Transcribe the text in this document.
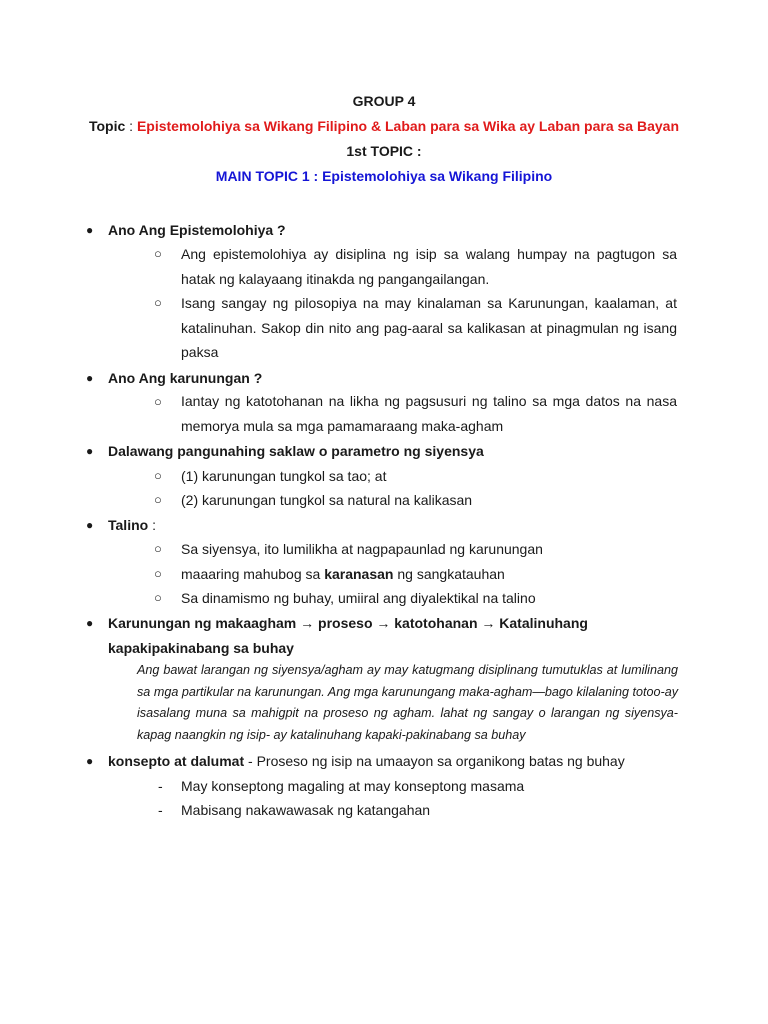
GROUP 4
Topic : Epistemolohiya sa Wikang Filipino & Laban para sa Wika ay Laban para sa Bayan
1st TOPIC :
MAIN TOPIC 1 : Epistemolohiya sa Wikang Filipino
● Ano Ang Epistemolohiya ?
○ Ang epistemolohiya ay disiplina ng isip sa walang humpay na pagtugon sa hatak ng kalayaang itinakda ng pangangailangan.
○ Isang sangay ng pilosopiya na may kinalaman sa Karunungan, kaalaman, at katalinuhan. Sakop din nito ang pag-aaral sa kalikasan at pinagmulan ng isang paksa
● Ano Ang karunungan ?
○ Iantay ng katotohanan na likha ng pagsusuri ng talino sa mga datos na nasa memorya mula sa mga pamamaraang maka-agham
● Dalawang pangunahing saklaw o parametro ng siyensya
○ (1) karunungan tungkol sa tao; at
○ (2) karunungan tungkol sa natural na kalikasan
● Talino :
○ Sa siyensya, ito lumilikha at nagpapaunlad ng karunungan
○ maaaring mahubog sa karanasan ng sangkatauhan
○ Sa dinamismo ng buhay, umiiral ang diyalektikal na talino
● Karunungan ng makaagham → proseso → katotohanan → Katalinuhang
kapakipakinabang sa buhay
Ang bawat larangan ng siyensya/agham ay may katugmang disiplinang tumutuklas at lumilinang sa mga partikular na karunungan. Ang mga karunungang maka-agham—bago kilalaning totoo-ay isasalang muna sa mahigpit na proseso ng agham. lahat ng sangay o larangan ng siyensya-kapag naangkin ng isip- ay katalinuhang kapaki-pakinabang sa buhay
● konsepto at dalumat - Proseso ng isip na umaayon sa organikong batas ng buhay
- May konseptong magaling at may konseptong masama
- Mabisang nakawawasak ng katangahan
